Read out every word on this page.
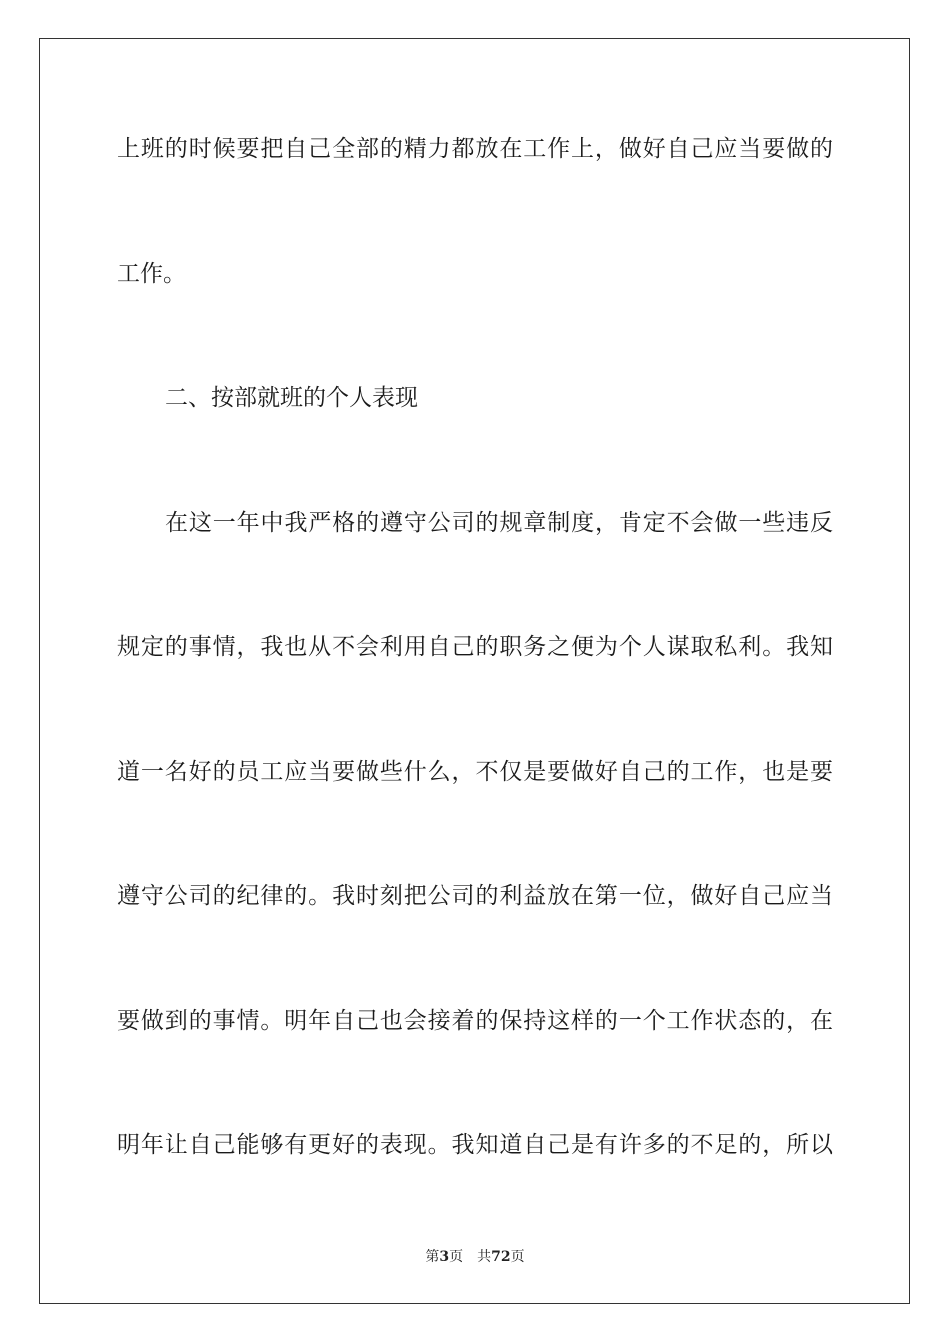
上班的时候要把自己全部的精力都放在工作上，做好自己应当要做的
工作。
二、按部就班的个人表现
在这一年中我严格的遵守公司的规章制度，肯定不会做一些违反
规定的事情，我也从不会利用自己的职务之便为个人谋取私利。我知
道一名好的员工应当要做些什么，不仅是要做好自己的工作，也是要
遵守公司的纪律的。我时刻把公司的利益放在第一位，做好自己应当
要做到的事情。明年自己也会接着的保持这样的一个工作状态的，在
明年让自己能够有更好的表现。我知道自己是有许多的不足的，所以
第3页 共72页
